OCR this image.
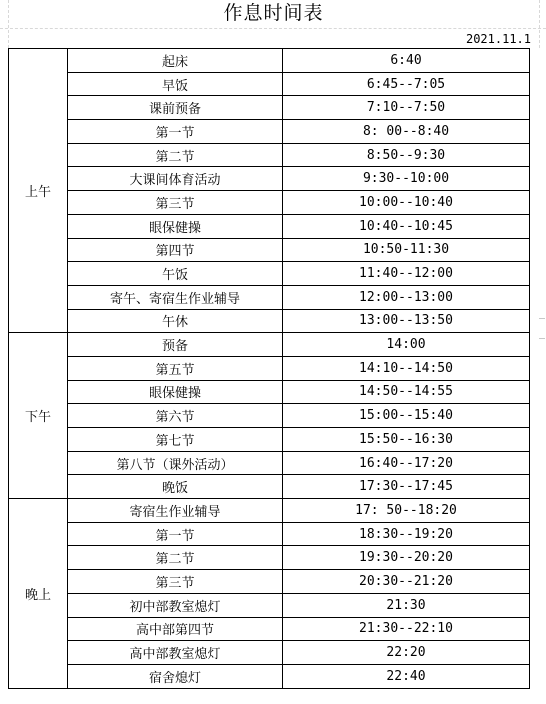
作息时间表
2021.11.1
上午	起床	6:40
	早饭	6:45--7:05
	课前预备	7:10--7:50
	第一节	8: 00--8:40
	第二节	8:50--9:30
	大课间体育活动	9:30--10:00
	第三节	10:00--10:40
	眼保健操	10:40--10:45
	第四节	10:50-11:30
	午饭	11:40--12:00
	寄午、寄宿生作业辅导	12:00--13:00
	午休	13:00--13:50
下午	预备	14:00
	第五节	14:10--14:50
	眼保健操	14:50--14:55
	第六节	15:00--15:40
	第七节	15:50--16:30
	第八节（课外活动）	16:40--17:20
	晚饭	17:30--17:45
晚上	寄宿生作业辅导	17: 50--18:20
	第一节	18:30--19:20
	第二节	19:30--20:20
	第三节	20:30--21:20
	初中部教室熄灯	21:30
	高中部第四节	21:30--22:10
	高中部教室熄灯	22:20
	宿舍熄灯	22:40
